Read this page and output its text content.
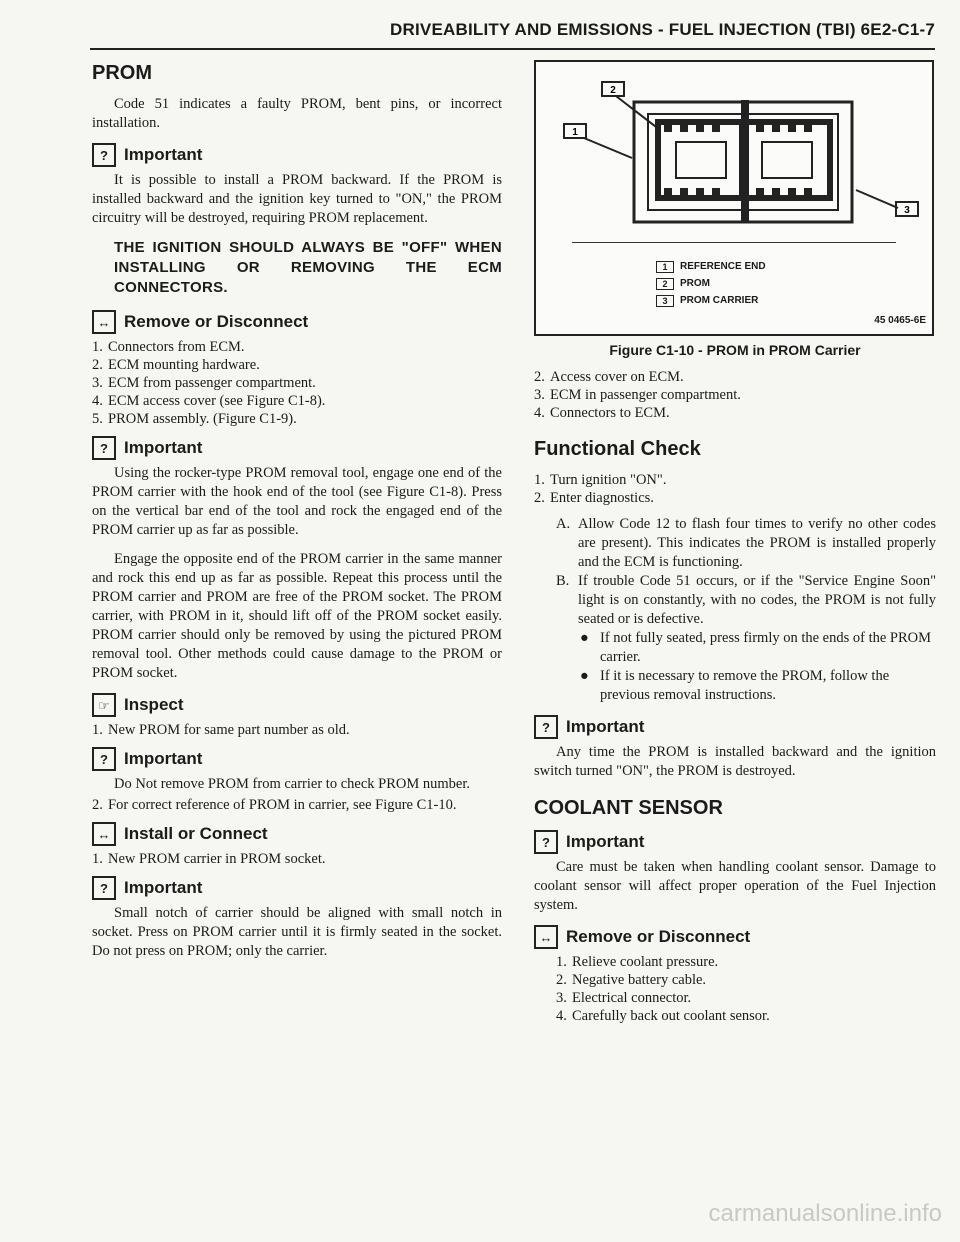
DRIVEABILITY AND EMISSIONS - FUEL INJECTION (TBI) 6E2-C1-7
PROM

Code 51 indicates a faulty PROM, bent pins, or incorrect installation.

? Important

It is possible to install a PROM backward. If the PROM is installed backward and the ignition key turned to "ON," the PROM circuitry will be destroyed, requiring PROM replacement.

THE IGNITION SHOULD ALWAYS BE "OFF" WHEN INSTALLING OR REMOVING THE ECM CONNECTORS.
↔ Remove or Disconnect
1. Connectors from ECM.
2. ECM mounting hardware.
3. ECM from passenger compartment.
4. ECM access cover (see Figure C1-8).
5. PROM assembly. (Figure C1-9).
? Important

Using the rocker-type PROM removal tool, engage one end of the PROM carrier with the hook end of the tool (see Figure C1-8). Press on the vertical bar end of the tool and rock the engaged end of the PROM carrier up as far as possible.

Engage the opposite end of the PROM carrier in the same manner and rock this end up as far as possible. Repeat this process until the PROM carrier and PROM are free of the PROM socket. The PROM carrier, with PROM in it, should lift off of the PROM socket easily. PROM carrier should only be removed by using the pictured PROM removal tool. Other methods could cause damage to the PROM or PROM socket.

☞ Inspect
1. New PROM for same part number as old.
? Important

Do Not remove PROM from carrier to check PROM number.

2. For correct reference of PROM in carrier, see Figure C1-10.
↔ Install or Connect
1. New PROM carrier in PROM socket.
? Important

Small notch of carrier should be aligned with small notch in socket. Press on PROM carrier until it is firmly seated in the socket. Do not press on PROM; only the carrier.

2
1
3
1	REFERENCE END
2	PROM
3	PROM CARRIER
45 0465-6E
Figure C1-10 - PROM in PROM Carrier
2. Access cover on ECM.
3. ECM in passenger compartment.
4. Connectors to ECM.
Functional Check
1. Turn ignition "ON".
2. Enter diagnostics.
A. Allow Code 12 to flash four times to verify no other codes are present). This indicates the PROM is installed properly and the ECM is functioning.
B. If trouble Code 51 occurs, or if the "Service Engine Soon" light is on constantly, with no codes, the PROM is not fully seated or is defective.
● If not fully seated, press firmly on the ends of the PROM carrier.
● If it is necessary to remove the PROM, follow the previous removal instructions.
? Important

Any time the PROM is installed backward and the ignition switch turned "ON", the PROM is destroyed.

COOLANT SENSOR
? Important

Care must be taken when handling coolant sensor. Damage to coolant sensor will affect proper operation of the Fuel Injection system.

↔ Remove or Disconnect
1. Relieve coolant pressure.
2. Negative battery cable.
3. Electrical connector.
4. Carefully back out coolant sensor.
carmanualsonline.info
